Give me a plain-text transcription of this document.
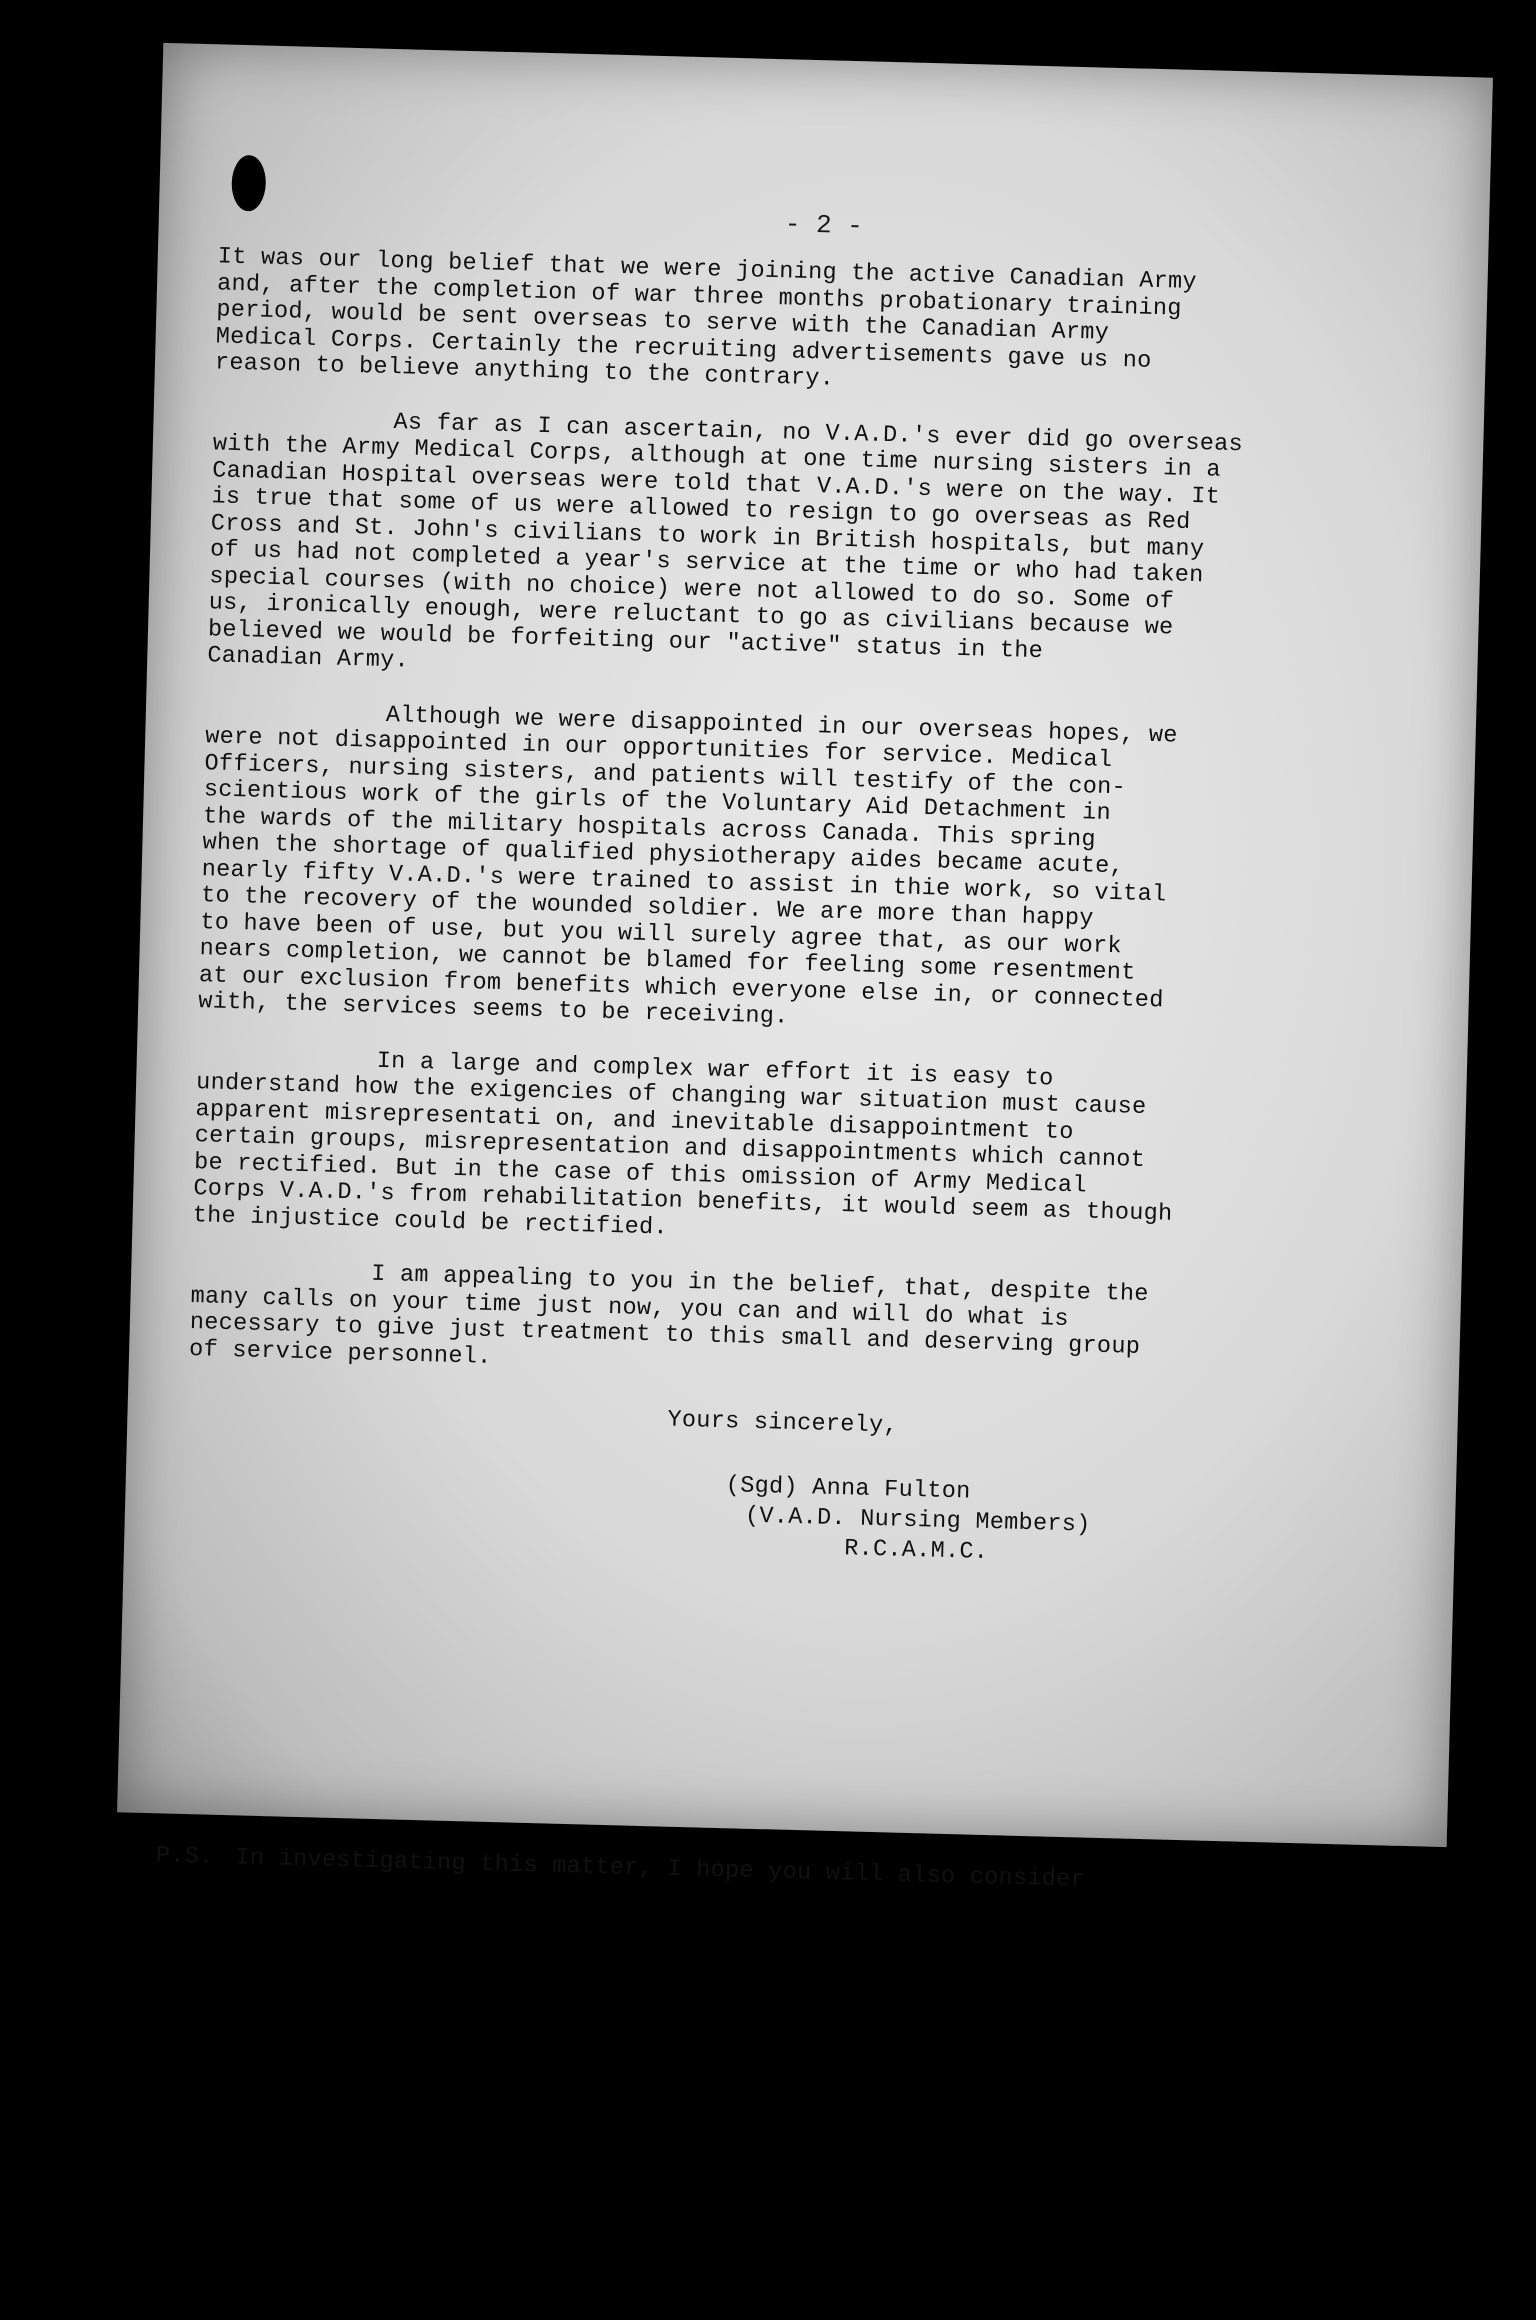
- 2 -

It was our long belief that we were joining the active Canadian Army
and, after the completion of war three months probationary training
period, would be sent overseas to serve with the Canadian Army
Medical Corps. Certainly the recruiting advertisements gave us no
reason to believe anything to the contrary.

As far as I can ascertain, no V.A.D.'s ever did go overseas
with the Army Medical Corps, although at one time nursing sisters in a
Canadian Hospital overseas were told that V.A.D.'s were on the way. It
is true that some of us were allowed to resign to go overseas as Red
Cross and St. John's civilians to work in British hospitals, but many
of us had not completed a year's service at the time or who had taken
special courses (with no choice) were not allowed to do so. Some of
us, ironically enough, were reluctant to go as civilians because we
believed we would be forfeiting our "active" status in the
Canadian Army.

Although we were disappointed in our overseas hopes, we
were not disappointed in our opportunities for service. Medical
Officers, nursing sisters, and patients will testify of the con-
scientious work of the girls of the Voluntary Aid Detachment in
the wards of the military hospitals across Canada. This spring
when the shortage of qualified physiotherapy aides became acute,
nearly fifty V.A.D.'s were trained to assist in thie work, so vital
to the recovery of the wounded soldier. We are more than happy
to have been of use, but you will surely agree that, as our work
nears completion, we cannot be blamed for feeling some resentment
at our exclusion from benefits which everyone else in, or connected
with, the services seems to be receiving.

In a large and complex war effort it is easy to
understand how the exigencies of changing war situation must cause
apparent misrepresentati on, and inevitable disappointment to
certain groups, misrepresentation and disappointments which cannot
be rectified. But in the case of this omission of Army Medical
Corps V.A.D.'s from rehabilitation benefits, it would seem as though
the injustice could be rectified.

I am appealing to you in the belief, that, despite the
many calls on your time just now, you can and will do what is
necessary to give just treatment to this small and deserving group
of service personnel.

Yours sincerely,
(Sgd) Anna Fulton
(V.A.D. Nursing Members)
R.C.A.M.C.
P.S. In investigating this matter, I hope you will also consider
